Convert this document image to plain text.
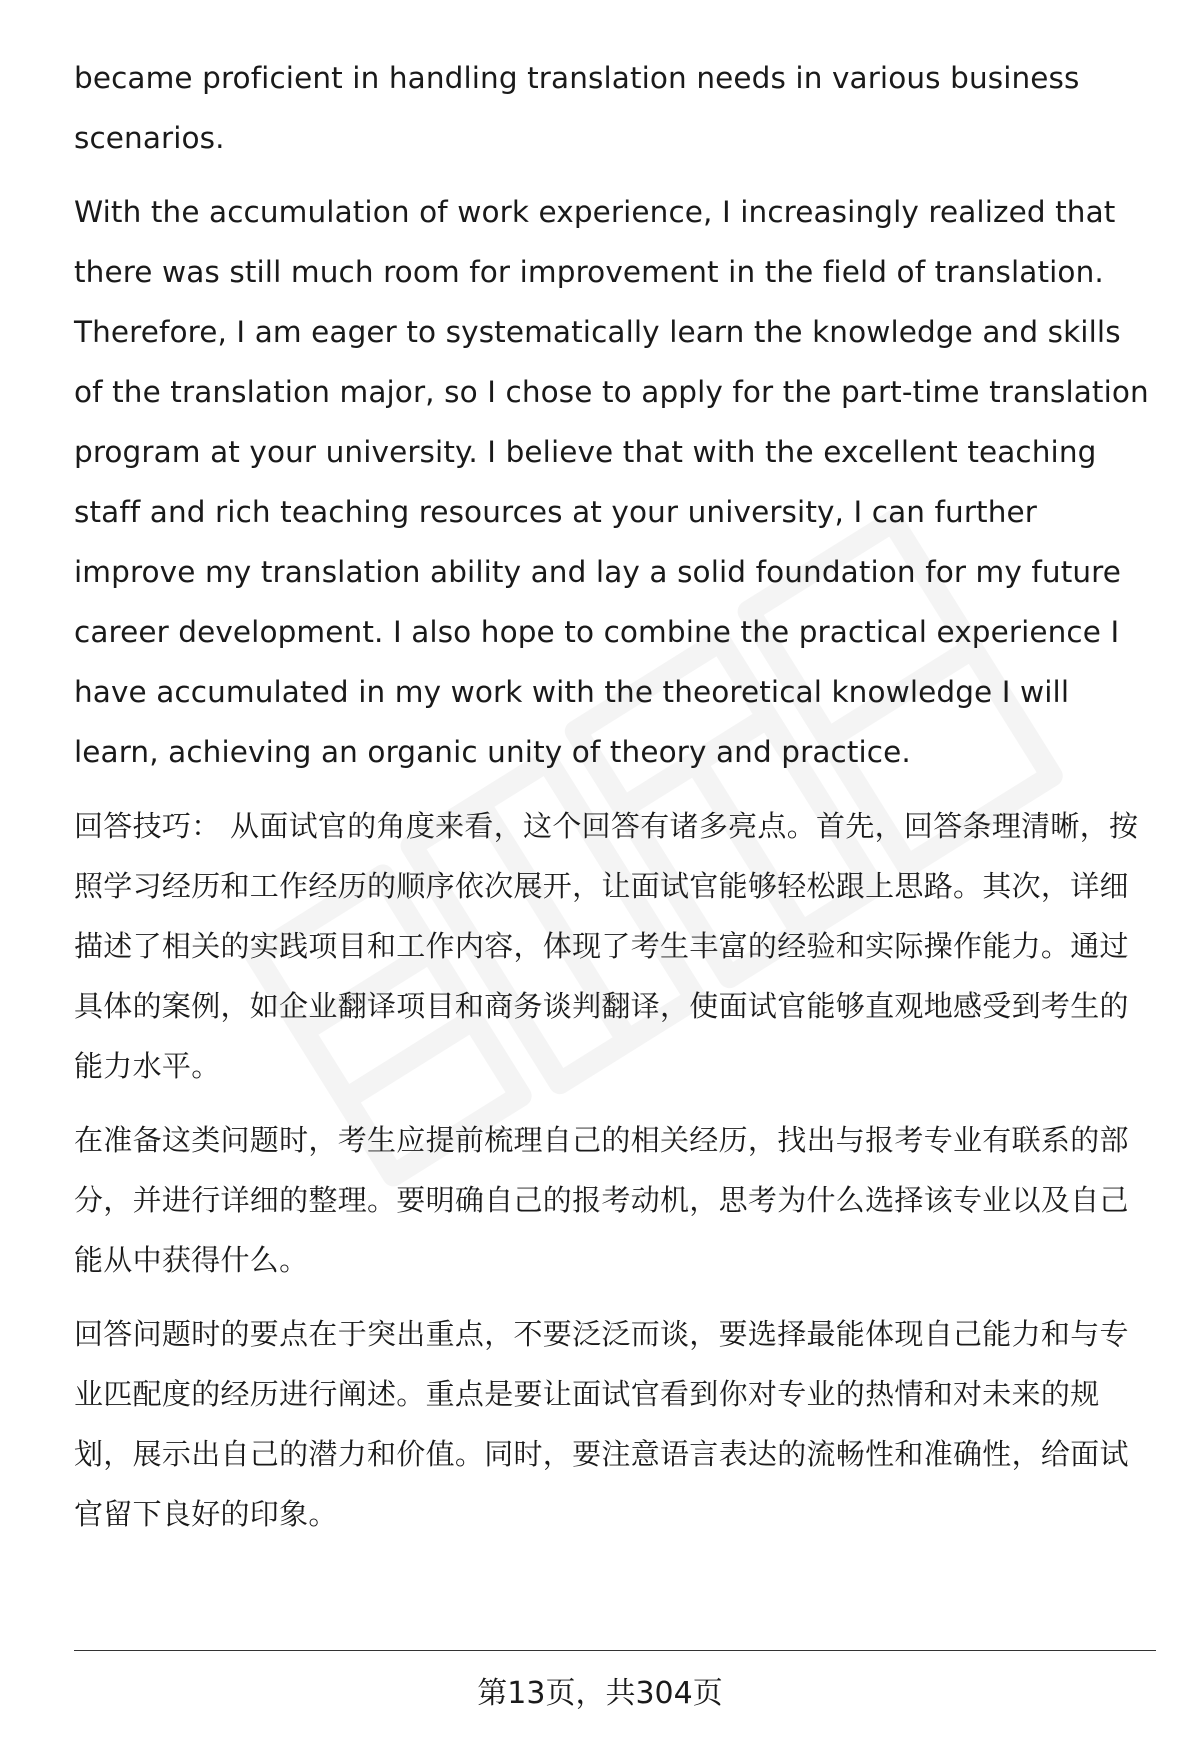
became proficient in handling translation needs in various business scenarios.

With the accumulation of work experience, I increasingly realized that there was still much room for improvement in the field of translation. Therefore, I am eager to systematically learn the knowledge and skills of the translation major, so I chose to apply for the part-time translation program at your university. I believe that with the excellent teaching staff and rich teaching resources at your university, I can further improve my translation ability and lay a solid foundation for my future career development. I also hope to combine the practical experience I have accumulated in my work with the theoretical knowledge I will learn, achieving an organic unity of theory and practice.

回答技巧： 从面试官的角度来看，这个回答有诸多亮点。首先，回答条理清晰，按照学习经历和工作经历的顺序依次展开，让面试官能够轻松跟上思路。其次，详细描述了相关的实践项目和工作内容，体现了考生丰富的经验和实际操作能力。通过具体的案例，如企业翻译项目和商务谈判翻译，使面试官能够直观地感受到考生的能力水平。

在准备这类问题时，考生应提前梳理自己的相关经历，找出与报考专业有联系的部分，并进行详细的整理。要明确自己的报考动机，思考为什么选择该专业以及自己能从中获得什么。

回答问题时的要点在于突出重点，不要泛泛而谈，要选择最能体现自己能力和与专业匹配度的经历进行阐述。重点是要让面试官看到你对专业的热情和对未来的规划，展示出自己的潜力和价值。同时，要注意语言表达的流畅性和准确性，给面试官留下良好的印象。

第13页，共304页
